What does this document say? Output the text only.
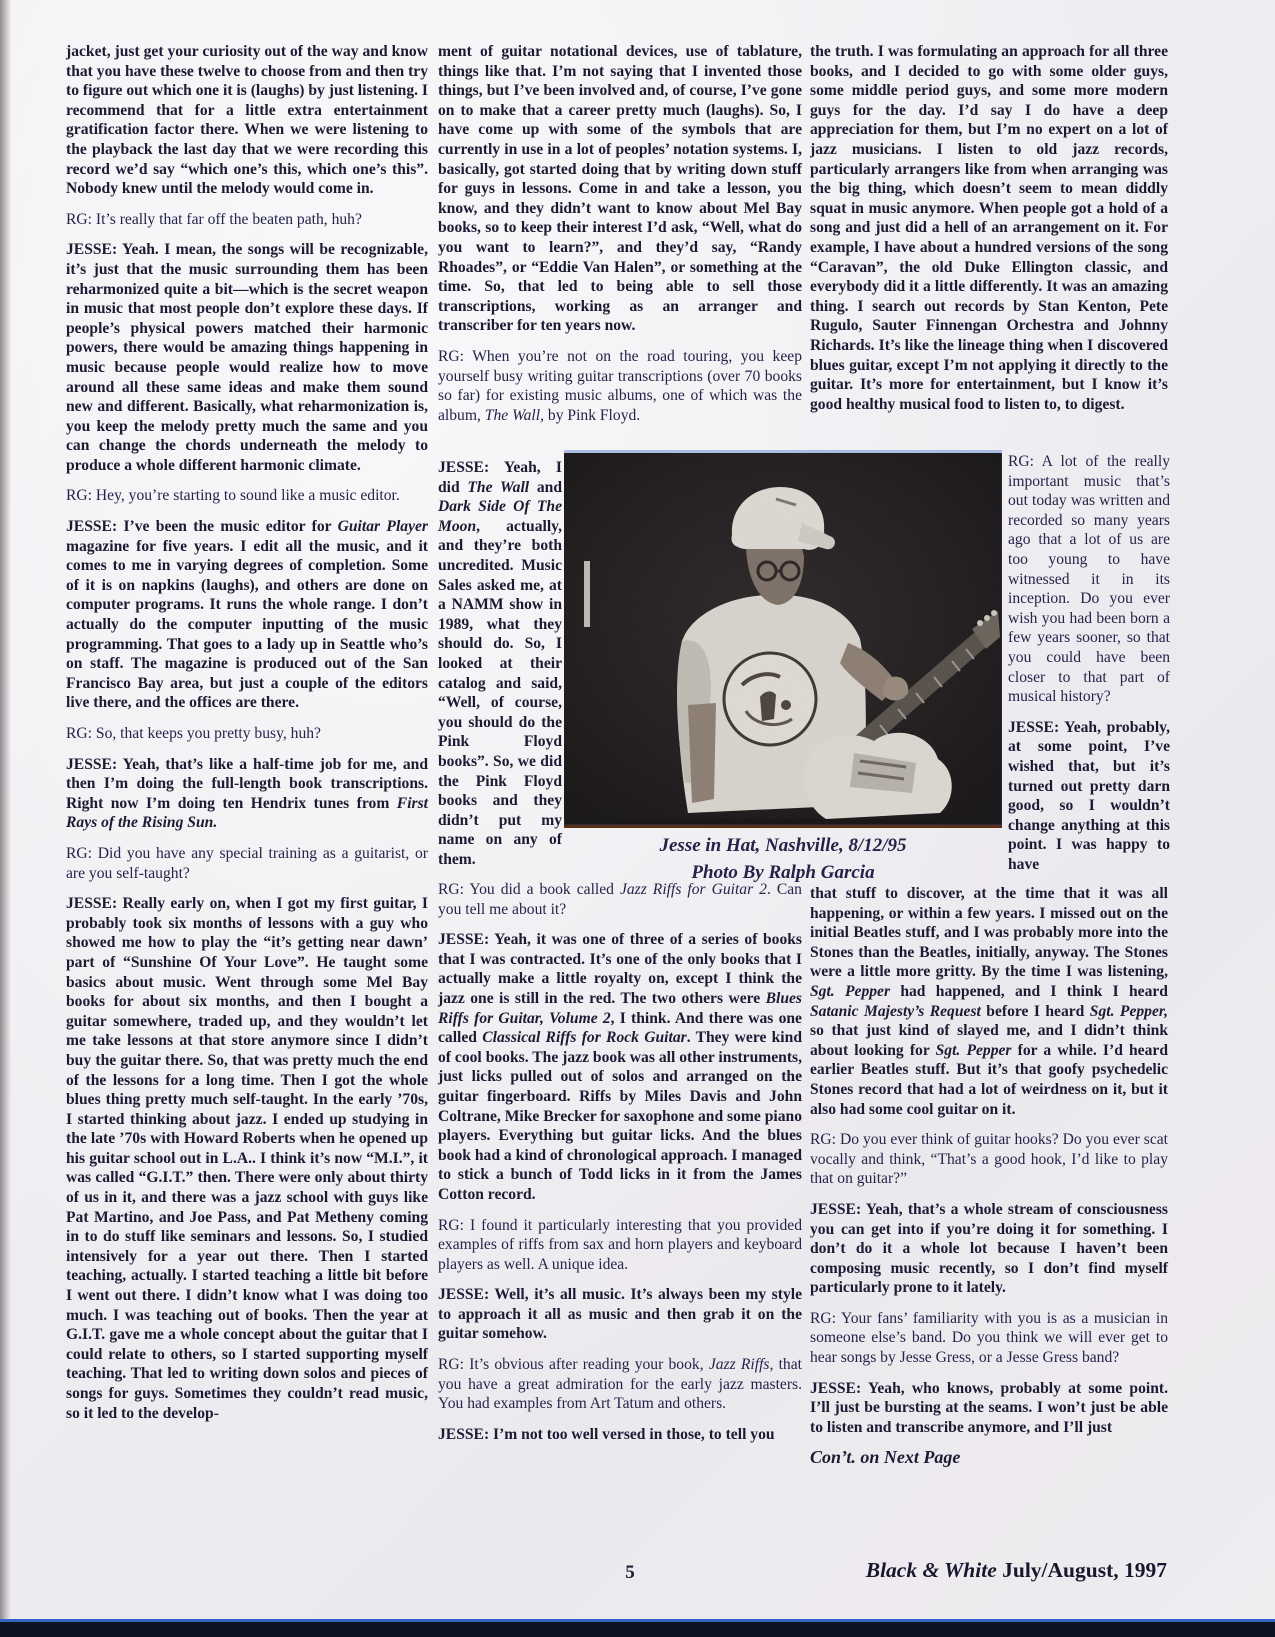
jacket, just get your curiosity out of the way and know that you have these twelve to choose from and then try to figure out which one it is (laughs) by just listening. I recommend that for a little extra entertainment gratification factor there. When we were listening to the playback the last day that we were recording this record we’d say “which one’s this, which one’s this”. Nobody knew until the melody would come in.

RG: It’s really that far off the beaten path, huh?

JESSE: Yeah. I mean, the songs will be recognizable, it’s just that the music surrounding them has been reharmonized quite a bit—which is the secret weapon in music that most people don’t explore these days. If people’s physical powers matched their harmonic powers, there would be amazing things happening in music because people would realize how to move around all these same ideas and make them sound new and different. Basically, what reharmonization is, you keep the melody pretty much the same and you can change the chords underneath the melody to produce a whole different harmonic climate.

RG: Hey, you’re starting to sound like a music editor.

JESSE: I’ve been the music editor for Guitar Player magazine for five years. I edit all the music, and it comes to me in varying degrees of completion. Some of it is on napkins (laughs), and others are done on computer programs. It runs the whole range. I don’t actually do the computer inputting of the music programming. That goes to a lady up in Seattle who’s on staff. The magazine is produced out of the San Francisco Bay area, but just a couple of the editors live there, and the offices are there.

RG: So, that keeps you pretty busy, huh?

JESSE: Yeah, that’s like a half-time job for me, and then I’m doing the full-length book transcriptions. Right now I’m doing ten Hendrix tunes from First Rays of the Rising Sun.

RG: Did you have any special training as a guitarist, or are you self-taught?

JESSE: Really early on, when I got my first guitar, I probably took six months of lessons with a guy who showed me how to play the “it’s getting near dawn’ part of “Sunshine Of Your Love”. He taught some basics about music. Went through some Mel Bay books for about six months, and then I bought a guitar somewhere, traded up, and they wouldn’t let me take lessons at that store anymore since I didn’t buy the guitar there. So, that was pretty much the end of the lessons for a long time. Then I got the whole blues thing pretty much self-taught. In the early ’70s, I started thinking about jazz. I ended up studying in the late ’70s with Howard Roberts when he opened up his guitar school out in L.A.. I think it’s now “M.I.”, it was called “G.I.T.” then. There were only about thirty of us in it, and there was a jazz school with guys like Pat Martino, and Joe Pass, and Pat Metheny coming in to do stuff like seminars and lessons. So, I studied intensively for a year out there. Then I started teaching, actually. I started teaching a little bit before I went out there. I didn’t know what I was doing too much. I was teaching out of books. Then the year at G.I.T. gave me a whole concept about the guitar that I could relate to others, so I started supporting myself teaching. That led to writing down solos and pieces of songs for guys. Sometimes they couldn’t read music, so it led to the develop-

ment of guitar notational devices, use of tablature, things like that. I’m not saying that I invented those things, but I’ve been involved and, of course, I’ve gone on to make that a career pretty much (laughs). So, I have come up with some of the symbols that are currently in use in a lot of peoples’ notation systems. I, basically, got started doing that by writing down stuff for guys in lessons. Come in and take a lesson, you know, and they didn’t want to know about Mel Bay books, so to keep their interest I’d ask, “Well, what do you want to learn?”, and they’d say, “Randy Rhoades”, or “Eddie Van Halen”, or something at the time. So, that led to being able to sell those transcriptions, working as an arranger and transcriber for ten years now.

RG: When you’re not on the road touring, you keep yourself busy writing guitar transcriptions (over 70 books so far) for existing music albums, one of which was the album, The Wall, by Pink Floyd.

JESSE: Yeah, I did The Wall and Dark Side Of The Moon, actually, and they’re both uncredited. Music Sales asked me, at a NAMM show in 1989, what they should do. So, I looked at their catalog and said, “Well, of course, you should do the Pink Floyd books”. So, we did the Pink Floyd books and they didn’t put my name on any of them.

RG: You did a book called Jazz Riffs for Guitar 2. Can you tell me about it?

JESSE: Yeah, it was one of three of a series of books that I was contracted. It’s one of the only books that I actually make a little royalty on, except I think the jazz one is still in the red. The two others were Blues Riffs for Guitar, Volume 2, I think. And there was one called Classical Riffs for Rock Guitar. They were kind of cool books. The jazz book was all other instruments, just licks pulled out of solos and arranged on the guitar fingerboard. Riffs by Miles Davis and John Coltrane, Mike Brecker for saxophone and some piano players. Everything but guitar licks. And the blues book had a kind of chronological approach. I managed to stick a bunch of Todd licks in it from the James Cotton record.

RG: I found it particularly interesting that you provided examples of riffs from sax and horn players and keyboard players as well. A unique idea.

JESSE: Well, it’s all music. It’s always been my style to approach it all as music and then grab it on the guitar somehow.

RG: It’s obvious after reading your book, Jazz Riffs, that you have a great admiration for the early jazz masters. You had examples from Art Tatum and others.

JESSE: I’m not too well versed in those, to tell you

the truth. I was formulating an approach for all three books, and I decided to go with some older guys, some middle period guys, and some more modern guys for the day. I’d say I do have a deep appreciation for them, but I’m no expert on a lot of jazz musicians. I listen to old jazz records, particularly arrangers like from when arranging was the big thing, which doesn’t seem to mean diddly squat in music anymore. When people got a hold of a song and just did a hell of an arrangement on it. For example, I have about a hundred versions of the song “Caravan”, the old Duke Ellington classic, and everybody did it a little differently. It was an amazing thing. I search out records by Stan Kenton, Pete Rugulo, Sauter Finnengan Orchestra and Johnny Richards. It’s like the lineage thing when I discovered blues guitar, except I’m not applying it directly to the guitar. It’s more for entertainment, but I know it’s good healthy musical food to listen to, to digest.

RG: A lot of the really important music that’s out today was written and recorded so many years ago that a lot of us are too young to have witnessed it in its inception. Do you ever wish you had been born a few years sooner, so that you could have been closer to that part of musical history?

JESSE: Yeah, probably, at some point, I’ve wished that, but it’s turned out pretty darn good, so I wouldn’t change anything at this point. I was happy to have

that stuff to discover, at the time that it was all happening, or within a few years. I missed out on the initial Beatles stuff, and I was probably more into the Stones than the Beatles, initially, anyway. The Stones were a little more gritty. By the time I was listening, Sgt. Pepper had happened, and I think I heard Satanic Majesty’s Request before I heard Sgt. Pepper, so that just kind of slayed me, and I didn’t think about looking for Sgt. Pepper for a while. I’d heard earlier Beatles stuff. But it’s that goofy psychedelic Stones record that had a lot of weirdness on it, but it also had some cool guitar on it.

RG: Do you ever think of guitar hooks? Do you ever scat vocally and think, “That’s a good hook, I’d like to play that on guitar?”

JESSE: Yeah, that’s a whole stream of consciousness you can get into if you’re doing it for something. I don’t do it a whole lot because I haven’t been composing music recently, so I don’t find myself particularly prone to it lately.

RG: Your fans’ familiarity with you is as a musician in someone else’s band. Do you think we will ever get to hear songs by Jesse Gress, or a Jesse Gress band?

JESSE: Yeah, who knows, probably at some point. I’ll just be bursting at the seams. I won’t just be able to listen and transcribe anymore, and I’ll just

Con’t. on Next Page

Jesse in Hat, Nashville, 8/12/95
Photo By Ralph Garcia
5	Black & White July/August, 1997
